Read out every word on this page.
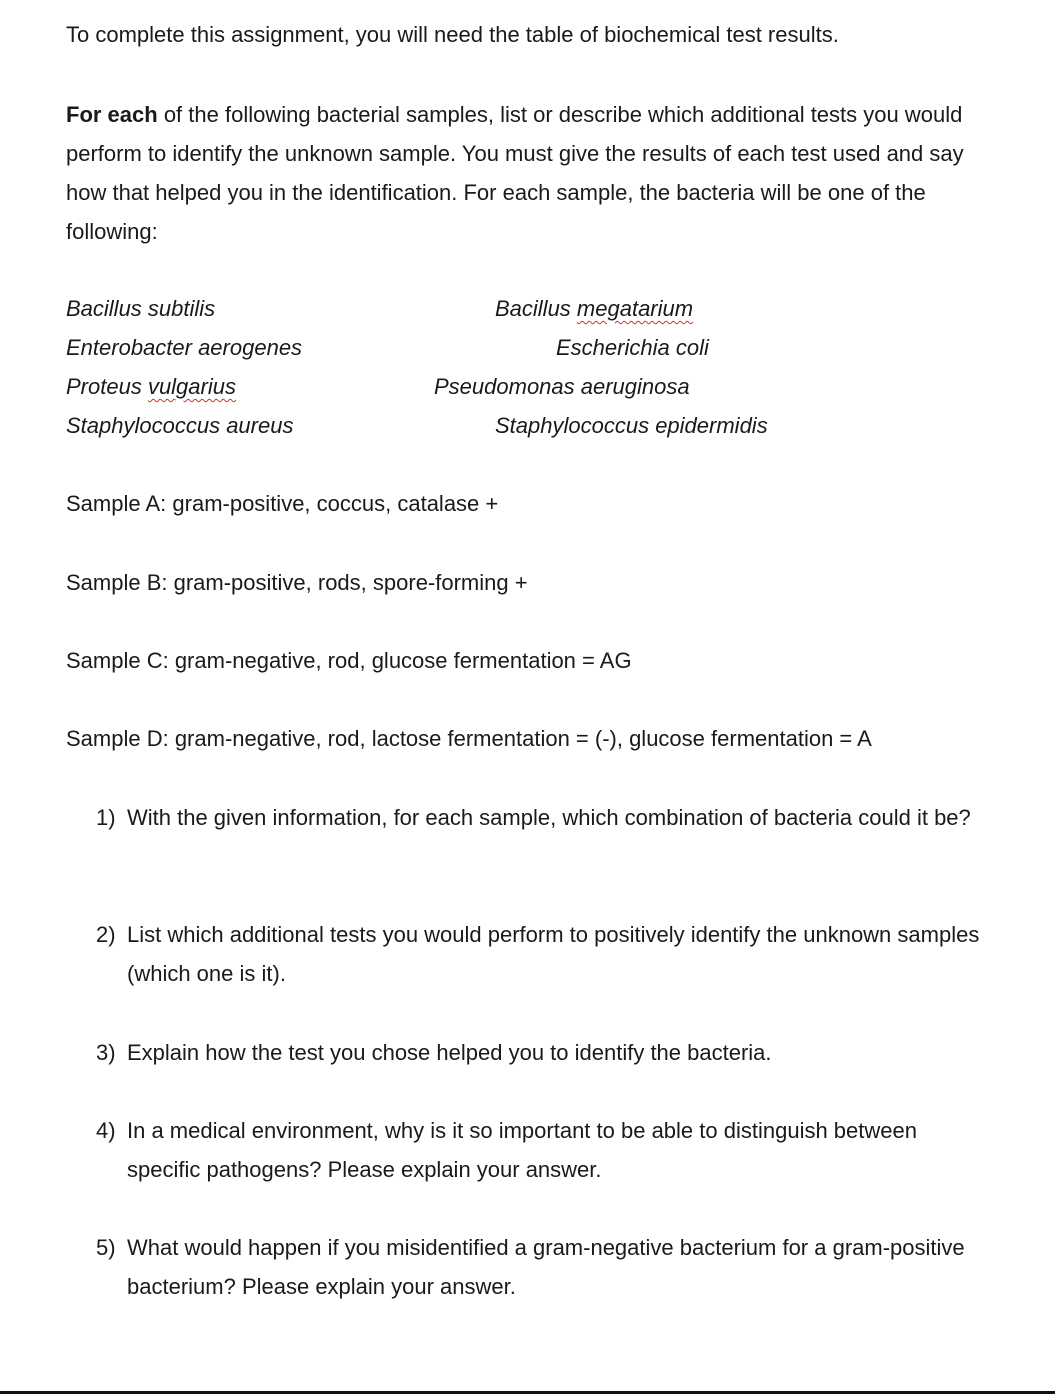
To complete this assignment, you will need the table of biochemical test results.

For each of the following bacterial samples, list or describe which additional tests you would perform to identify the unknown sample. You must give the results of each test used and say how that helped you in the identification. For each sample, the bacteria will be one of the following:

Bacillus subtilis
Enterobacter aerogenes
Proteus vulgarius
Staphylococcus aureus
Bacillus megatarium
Escherichia coli
Pseudomonas aeruginosa
Staphylococcus epidermidis
Sample A: gram-positive, coccus, catalase +
Sample B: gram-positive, rods, spore-forming +
Sample C: gram-negative, rod, glucose fermentation = AG
Sample D: gram-negative, rod, lactose fermentation = (-), glucose fermentation = A
1) With the given information, for each sample, which combination of bacteria could it be?
2) List which additional tests you would perform to positively identify the unknown samples (which one is it).
3) Explain how the test you chose helped you to identify the bacteria.
4) In a medical environment, why is it so important to be able to distinguish between specific pathogens? Please explain your answer.
5) What would happen if you misidentified a gram-negative bacterium for a gram-positive bacterium? Please explain your answer.
